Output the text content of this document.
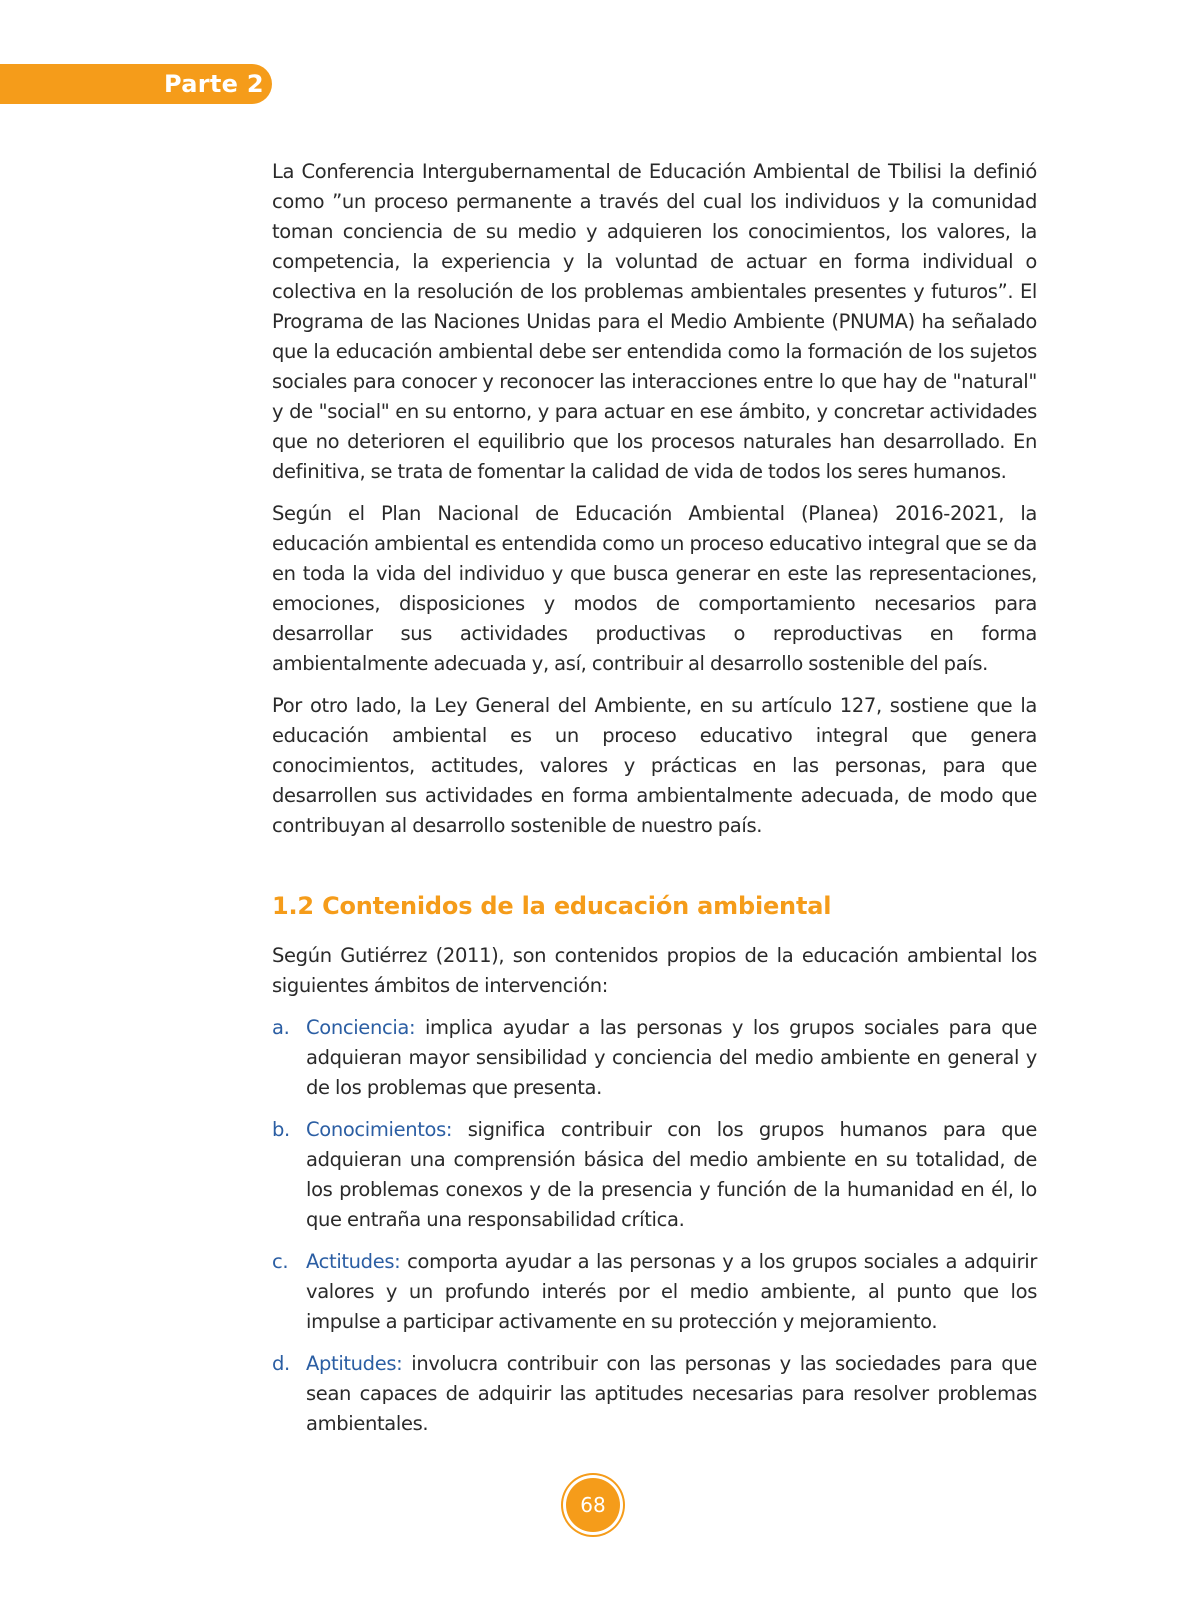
Parte 2

La Conferencia Intergubernamental de Educación Ambiental de Tbilisi la definió como ”un proceso permanente a través del cual los individuos y la comunidad toman conciencia de su medio y adquieren los conocimientos, los valores, la competencia, la experiencia y la voluntad de actuar en forma individual o colectiva en la resolución de los problemas ambientales presentes y futuros”. El Programa de las Naciones Unidas para el Medio Ambiente (PNUMA) ha señalado que la educación ambiental debe ser entendida como la formación de los sujetos sociales para conocer y reconocer las interacciones entre lo que hay de "natural" y de "social" en su entorno, y para actuar en ese ámbito, y concretar actividades que no deterioren el equilibrio que los procesos naturales han desarrollado. En definitiva, se trata de fomentar la calidad de vida de todos los seres humanos.

Según el Plan Nacional de Educación Ambiental (Planea) 2016-2021, la educación ambiental es entendida como un proceso educativo integral que se da en toda la vida del individuo y que busca generar en este las representaciones, emociones, disposiciones y modos de comportamiento necesarios para desarrollar sus actividades productivas o reproductivas en forma ambientalmente adecuada y, así, contribuir al desarrollo sostenible del país.

Por otro lado, la Ley General del Ambiente, en su artículo 127, sostiene que la educación ambiental es un proceso educativo integral que genera conocimientos, actitudes, valores y prácticas en las personas, para que desarrollen sus actividades en forma ambientalmente adecuada, de modo que contribuyan al desarrollo sostenible de nuestro país.

1.2 Contenidos de la educación ambiental

Según Gutiérrez (2011), son contenidos propios de la educación ambiental los siguientes ámbitos de intervención:

a. Conciencia: implica ayudar a las personas y los grupos sociales para que adquieran mayor sensibilidad y conciencia del medio ambiente en general y de los problemas que presenta.
b. Conocimientos: significa contribuir con los grupos humanos para que adquieran una comprensión básica del medio ambiente en su totalidad, de los problemas conexos y de la presencia y función de la humanidad en él, lo que entraña una responsabilidad crítica.
c. Actitudes: comporta ayudar a las personas y a los grupos sociales a adquirir valores y un profundo interés por el medio ambiente, al punto que los impulse a participar activamente en su protección y mejoramiento.
d. Aptitudes: involucra contribuir con las personas y las sociedades para que sean capaces de adquirir las aptitudes necesarias para resolver problemas ambientales.
68
